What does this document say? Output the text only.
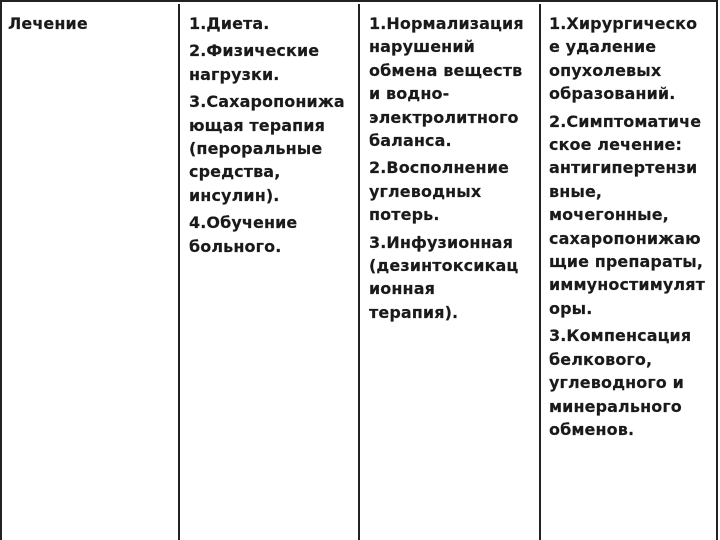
Лечение	1.Диета.
2.Физические
нагрузки.
3.Сахаропонижа
ющая терапия
(пероральные
средства,
инсулин).
4.Обучение
больного.
1.Нормализация
нарушений
обмена веществ
и водно-
электролитного
баланса.
2.Восполнение
углеводных
потерь.
3.Инфузионная
(дезинтоксикац
ионная
терапия).
1.Хирургическо
е удаление
опухолевых
образований.
2.Симптоматиче
ское лечение:
антигипертензи
вные,
мочегонные,
сахаропонижаю
щие препараты,
иммуностимулят
оры.
3.Компенсация
белкового,
углеводного и
минерального
обменов.
